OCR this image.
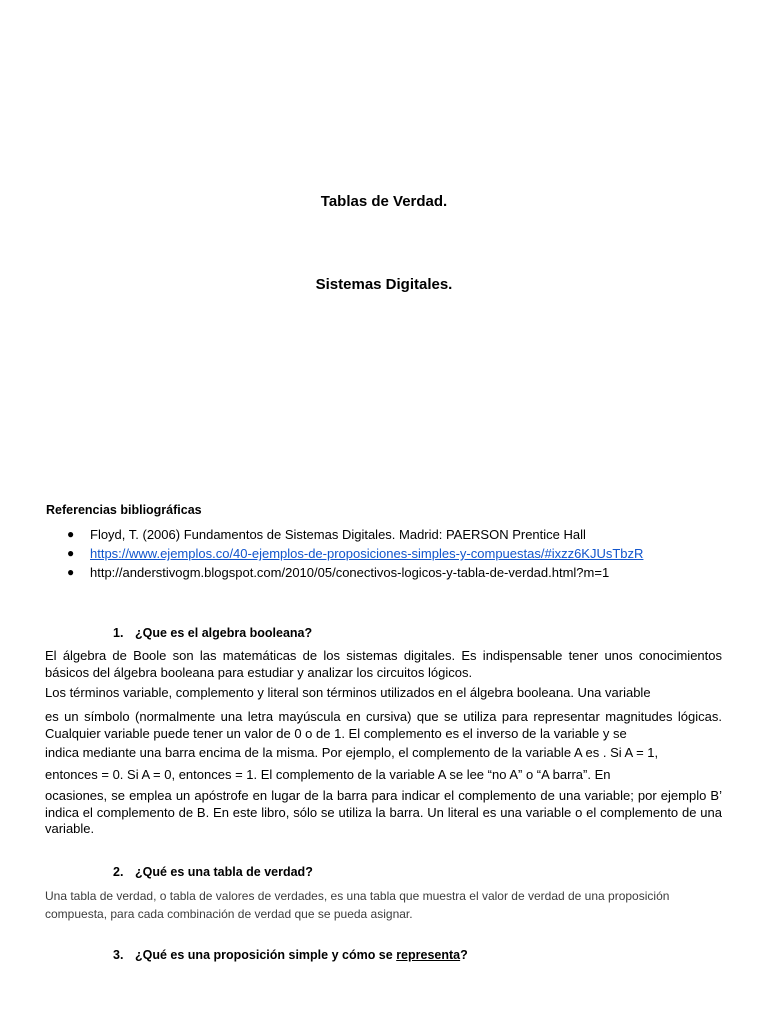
Tablas de Verdad.
Sistemas Digitales.
Referencias bibliográficas
● Floyd, T. (2006) Fundamentos de Sistemas Digitales. Madrid: PAERSON Prentice Hall
● https://www.ejemplos.co/40-ejemplos-de-proposiciones-simples-y-compuestas/#ixzz6KJUsTbzR
● http://anderstivogm.blogspot.com/2010/05/conectivos-logicos-y-tabla-de-verdad.html?m=1
1. ¿Que es el algebra booleana?

El álgebra de Boole son las matemáticas de los sistemas digitales. Es indispensable tener unos conocimientos básicos del álgebra booleana para estudiar y analizar los circuitos lógicos.

Los términos variable, complemento y literal son términos utilizados en el álgebra booleana. Una variable

es un símbolo (normalmente una letra mayúscula en cursiva) que se utiliza para representar magnitudes lógicas. Cualquier variable puede tener un valor de 0 o de 1. El complemento es el inverso de la variable y se

indica mediante una barra encima de la misma. Por ejemplo, el complemento de la variable A es . Si A = 1,

entonces = 0. Si A = 0, entonces = 1. El complemento de la variable A se lee “no A” o “A barra”. En

ocasiones, se emplea un apóstrofe en lugar de la barra para indicar el complemento de una variable; por ejemplo B’ indica el complemento de B. En este libro, sólo se utiliza la barra. Un literal es una variable o el complemento de una variable.

2. ¿Qué es una tabla de verdad?

Una tabla de verdad, o tabla de valores de verdades, es una tabla que muestra el valor de verdad de una proposición compuesta, para cada combinación de verdad que se pueda asignar.

3. ¿Qué es una proposición simple y cómo se representa?
